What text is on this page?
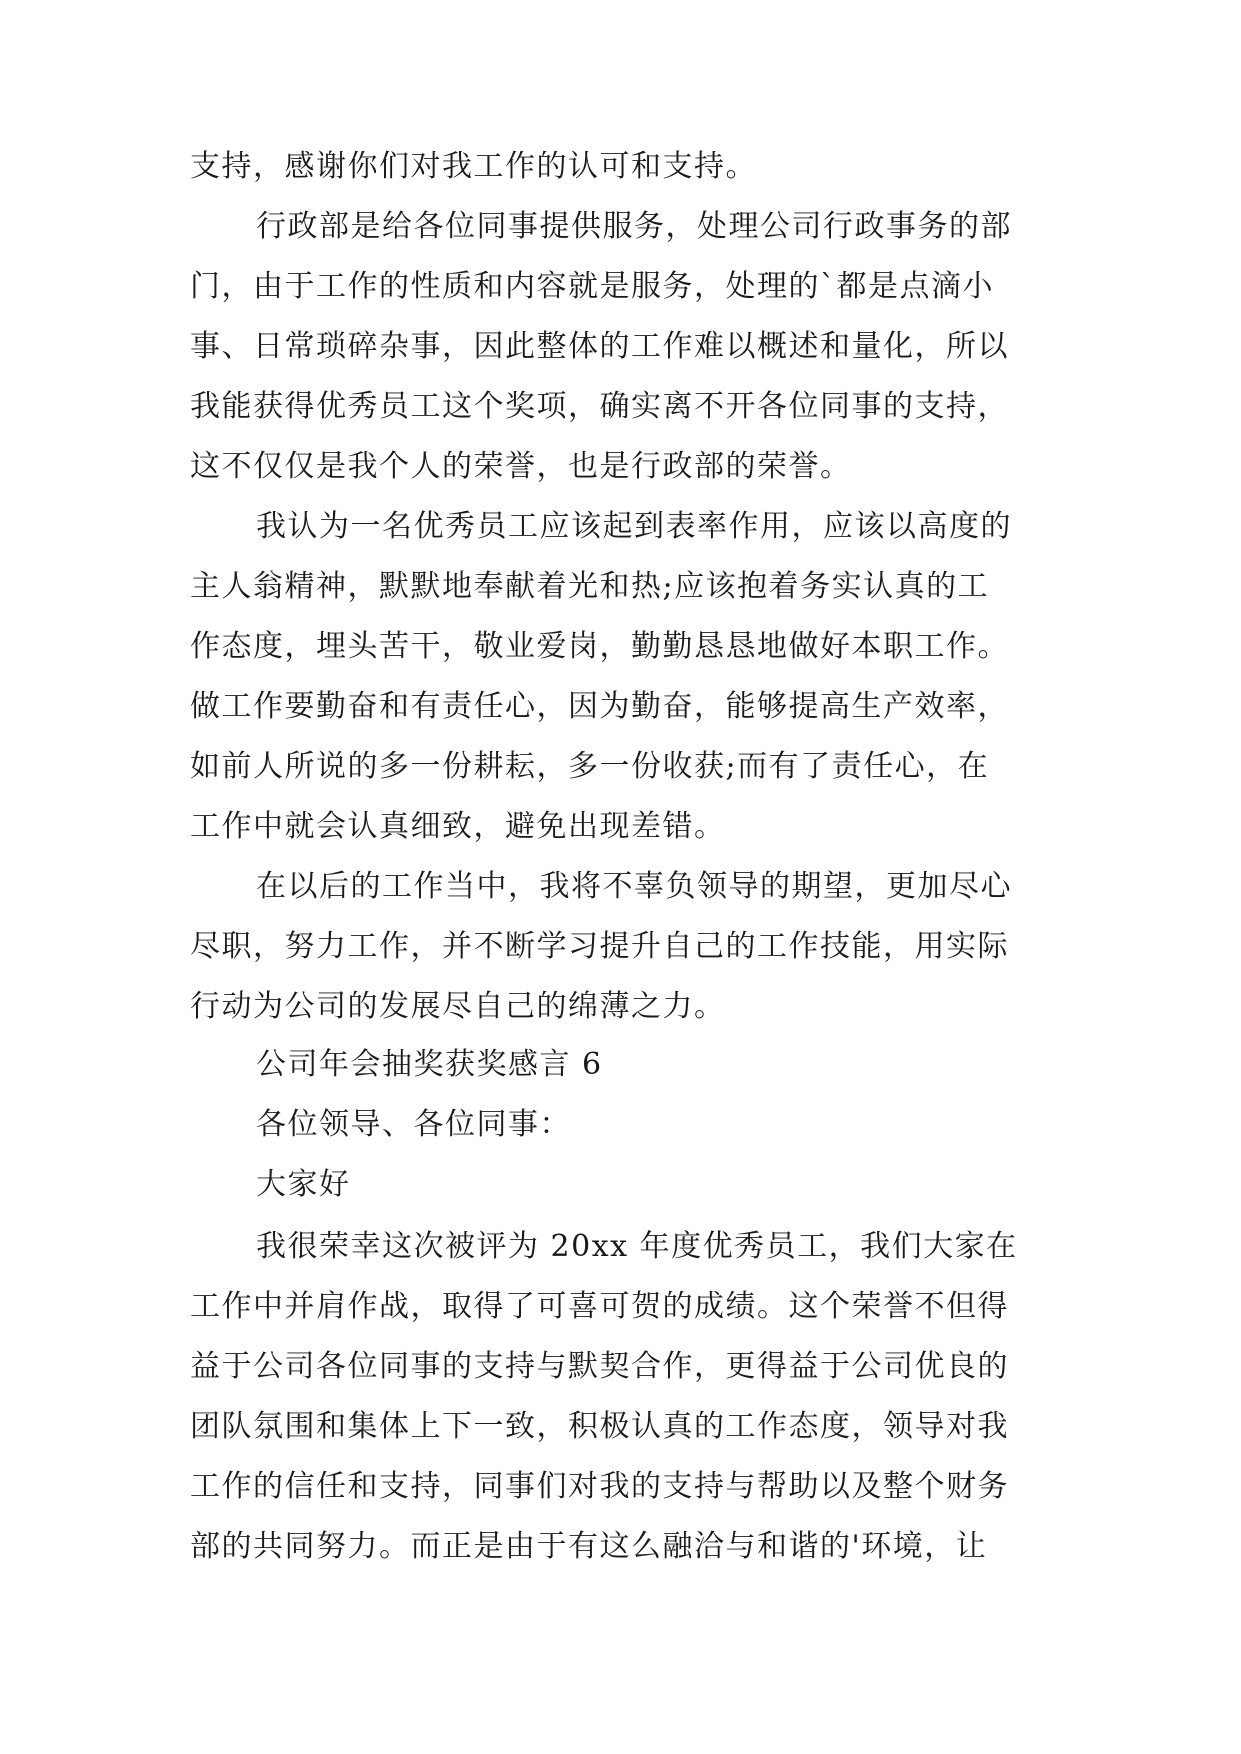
支持，感谢你们对我工作的认可和支持。
行政部是给各位同事提供服务，处理公司行政事务的部
门，由于工作的性质和内容就是服务，处理的`都是点滴小
事、日常琐碎杂事，因此整体的工作难以概述和量化，所以
我能获得优秀员工这个奖项，确实离不开各位同事的支持，
这不仅仅是我个人的荣誉，也是行政部的荣誉。
我认为一名优秀员工应该起到表率作用，应该以高度的
主人翁精神，默默地奉献着光和热;应该抱着务实认真的工
作态度，埋头苦干，敬业爱岗，勤勤恳恳地做好本职工作。
做工作要勤奋和有责任心，因为勤奋，能够提高生产效率，
如前人所说的多一份耕耘，多一份收获;而有了责任心，在
工作中就会认真细致，避免出现差错。
在以后的工作当中，我将不辜负领导的期望，更加尽心
尽职，努力工作，并不断学习提升自己的工作技能，用实际
行动为公司的发展尽自己的绵薄之力。
公司年会抽奖获奖感言 6
各位领导、各位同事：
大家好
我很荣幸这次被评为 20xx 年度优秀员工，我们大家在
工作中并肩作战，取得了可喜可贺的成绩。这个荣誉不但得
益于公司各位同事的支持与默契合作，更得益于公司优良的
团队氛围和集体上下一致，积极认真的工作态度，领导对我
工作的信任和支持，同事们对我的支持与帮助以及整个财务
部的共同努力。而正是由于有这么融洽与和谐的'环境，让
